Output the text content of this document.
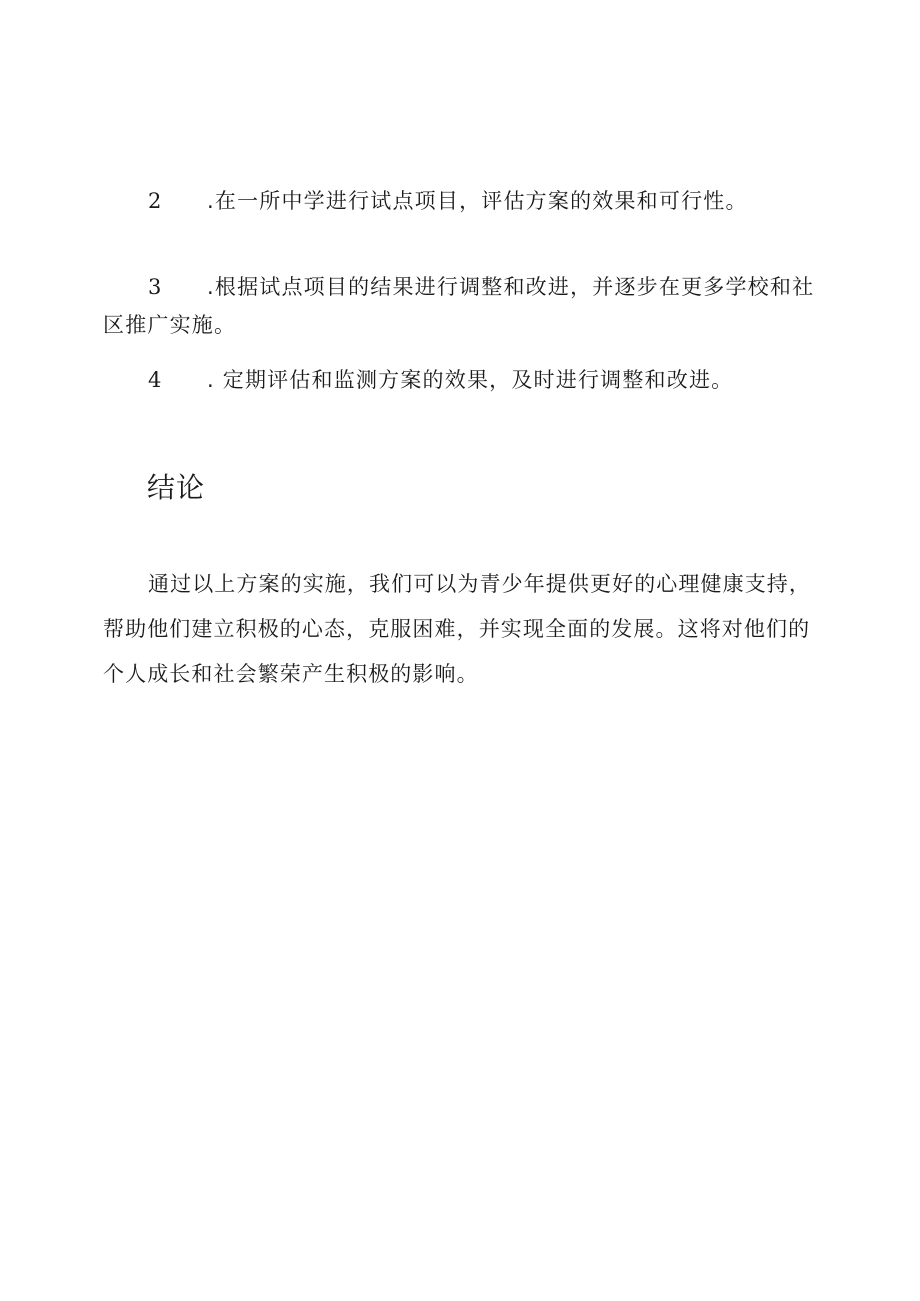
2	.在一所中学进行试点项目，评估方案的效果和可行性。
3	.根据试点项目的结果进行调整和改进，并逐步在更多学校和社区推广实施。
4	. 定期评估和监测方案的效果，及时进行调整和改进。
结论

通过以上方案的实施，我们可以为青少年提供更好的心理健康支持，帮助他们建立积极的心态，克服困难，并实现全面的发展。这将对他们的个人成长和社会繁荣产生积极的影响。
